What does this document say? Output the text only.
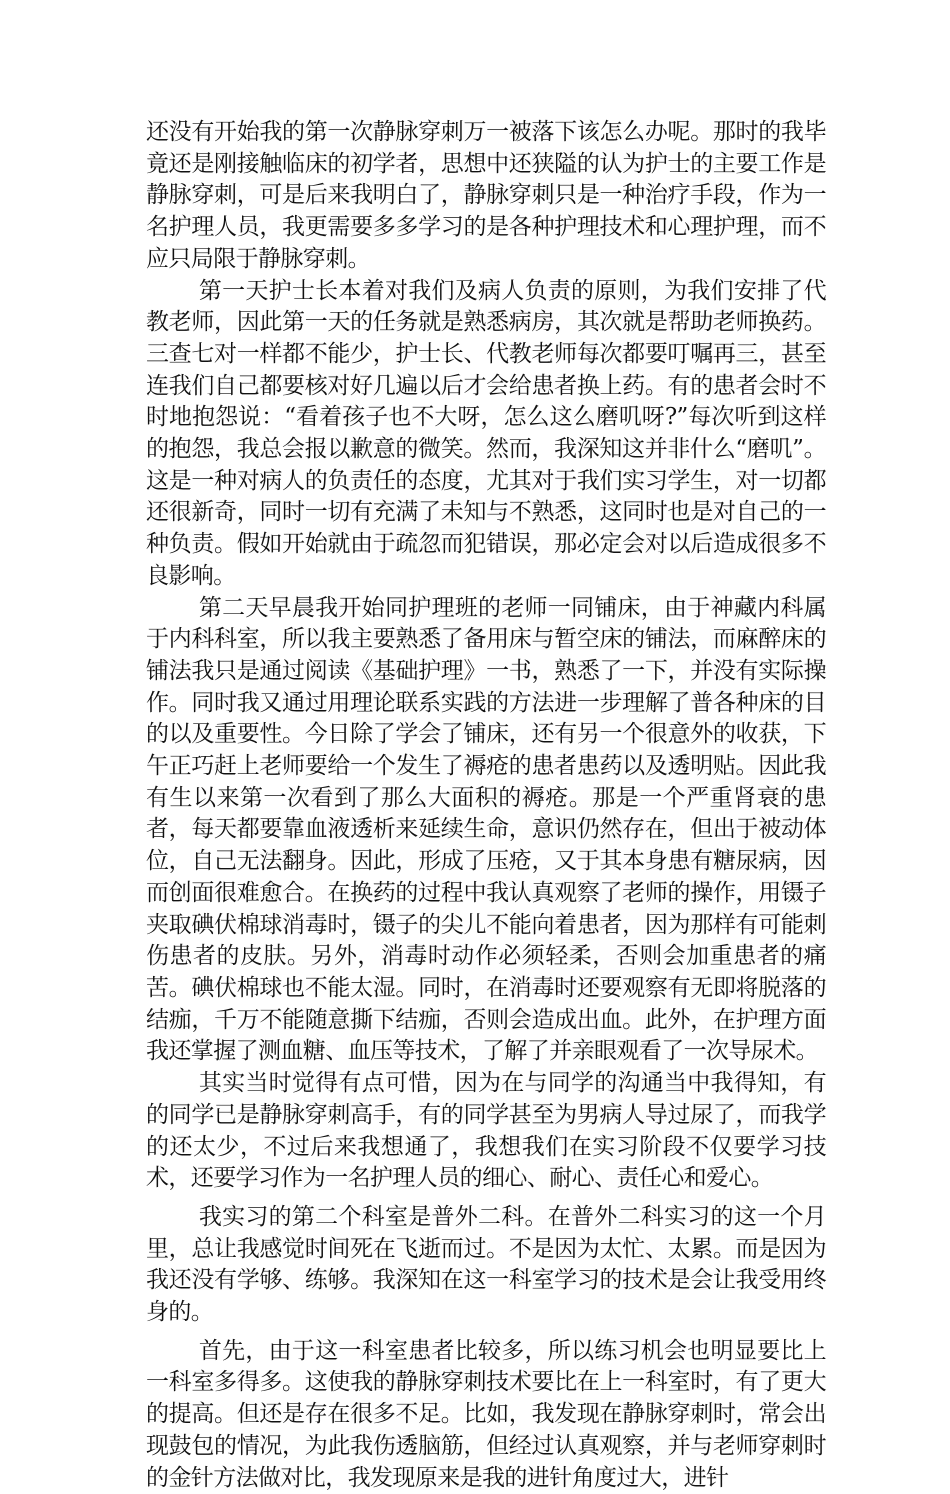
还没有开始我的第一次静脉穿刺万一被落下该怎么办呢。那时的我毕竟还是刚接触临床的初学者，思想中还狭隘的认为护士的主要工作是静脉穿刺，可是后来我明白了，静脉穿刺只是一种治疗手段，作为一名护理人员，我更需要多多学习的是各种护理技术和心理护理，而不应只局限于静脉穿刺。

第一天护士长本着对我们及病人负责的原则，为我们安排了代教老师，因此第一天的任务就是熟悉病房，其次就是帮助老师换药。三查七对一样都不能少，护士长、代教老师每次都要叮嘱再三，甚至连我们自己都要核对好几遍以后才会给患者换上药。有的患者会时不时地抱怨说：“看着孩子也不大呀，怎么这么磨叽呀?”每次听到这样的抱怨，我总会报以歉意的微笑。然而，我深知这并非什么“磨叽”。这是一种对病人的负责任的态度，尤其对于我们实习学生，对一切都还很新奇，同时一切有充满了未知与不熟悉，这同时也是对自己的一种负责。假如开始就由于疏忽而犯错误，那必定会对以后造成很多不良影响。

第二天早晨我开始同护理班的老师一同铺床，由于神藏内科属于内科科室，所以我主要熟悉了备用床与暂空床的铺法，而麻醉床的铺法我只是通过阅读《基础护理》一书，熟悉了一下，并没有实际操作。同时我又通过用理论联系实践的方法进一步理解了普各种床的目的以及重要性。今日除了学会了铺床，还有另一个很意外的收获，下午正巧赶上老师要给一个发生了褥疮的患者患药以及透明贴。因此我有生以来第一次看到了那么大面积的褥疮。那是一个严重肾衰的患者，每天都要靠血液透析来延续生命，意识仍然存在，但出于被动体位，自己无法翻身。因此，形成了压疮，又于其本身患有糖尿病，因而创面很难愈合。在换药的过程中我认真观察了老师的操作，用镊子夹取碘伏棉球消毒时，镊子的尖儿不能向着患者，因为那样有可能刺伤患者的皮肤。另外，消毒时动作必须轻柔，否则会加重患者的痛苦。碘伏棉球也不能太湿。同时，在消毒时还要观察有无即将脱落的结痂，千万不能随意撕下结痂，否则会造成出血。此外，在护理方面我还掌握了测血糖、血压等技术，了解了并亲眼观看了一次导尿术。

其实当时觉得有点可惜，因为在与同学的沟通当中我得知，有的同学已是静脉穿刺高手，有的同学甚至为男病人导过尿了，而我学的还太少，不过后来我想通了，我想我们在实习阶段不仅要学习技术，还要学习作为一名护理人员的细心、耐心、责任心和爱心。

我实习的第二个科室是普外二科。在普外二科实习的这一个月里，总让我感觉时间死在飞逝而过。不是因为太忙、太累。而是因为我还没有学够、练够。我深知在这一科室学习的技术是会让我受用终身的。

首先，由于这一科室患者比较多，所以练习机会也明显要比上一科室多得多。这使我的静脉穿刺技术要比在上一科室时，有了更大的提高。但还是存在很多不足。比如，我发现在静脉穿刺时，常会出现鼓包的情况，为此我伤透脑筋，但经过认真观察，并与老师穿刺时的金针方法做对比，我发现原来是我的进针角度过大，进针
